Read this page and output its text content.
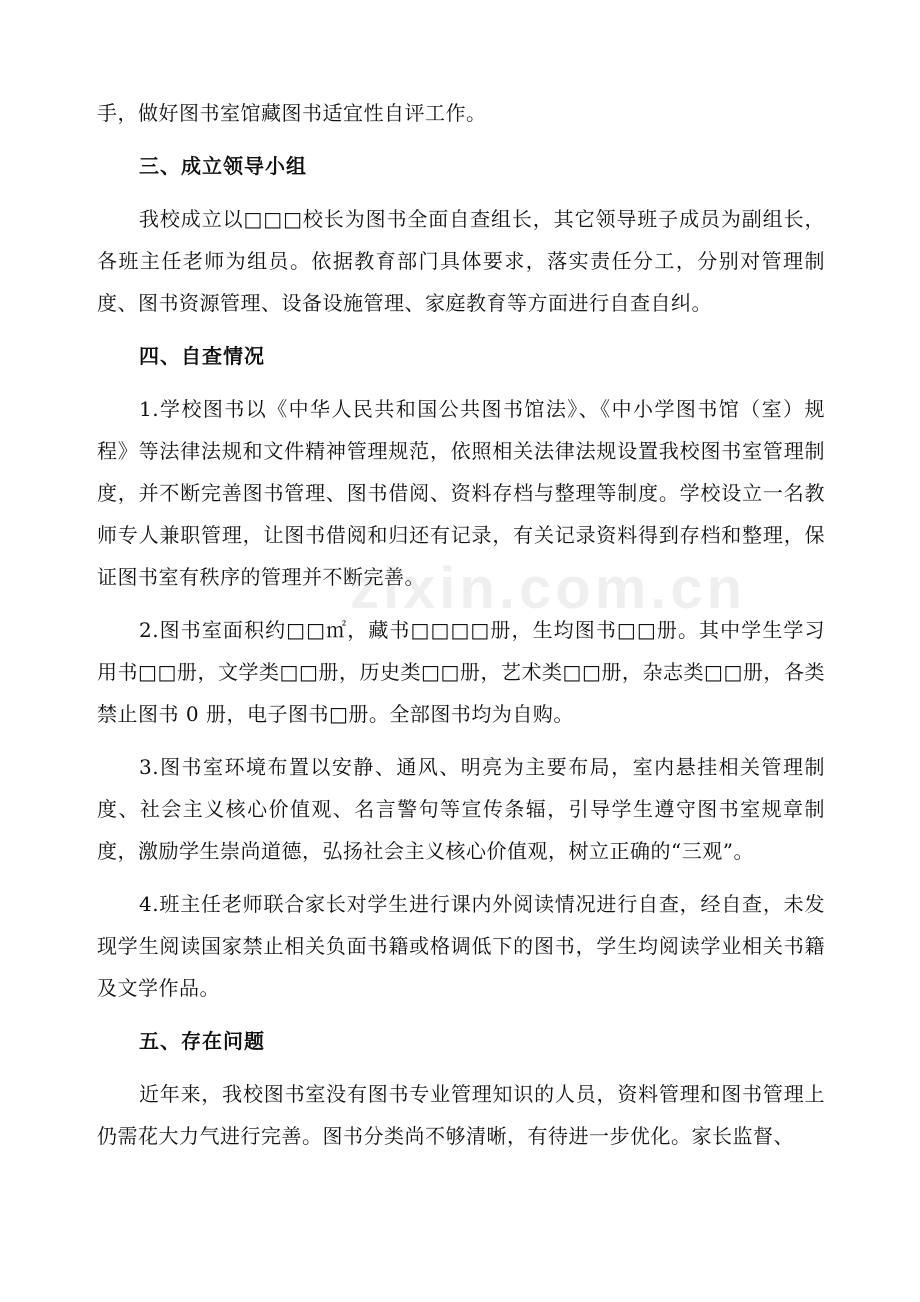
手，做好图书室馆藏图书适宜性自评工作。

三、成立领导小组

我校成立以□□□校长为图书全面自查组长，其它领导班子成员为副组长，各班主任老师为组员。依据教育部门具体要求，落实责任分工，分别对管理制度、图书资源管理、设备设施管理、家庭教育等方面进行自查自纠。

四、自查情况

1.学校图书以《中华人民共和国公共图书馆法》、《中小学图书馆（室）规程》等法律法规和文件精神管理规范，依照相关法律法规设置我校图书室管理制度，并不断完善图书管理、图书借阅、资料存档与整理等制度。学校设立一名教师专人兼职管理，让图书借阅和归还有记录，有关记录资料得到存档和整理，保证图书室有秩序的管理并不断完善。

2.图书室面积约□□㎡，藏书□□□□册，生均图书□□册。其中学生学习用书□□册，文学类□□册，历史类□□册，艺术类□□册，杂志类□□册，各类禁止图书 0 册，电子图书□册。全部图书均为自购。

3.图书室环境布置以安静、通风、明亮为主要布局，室内悬挂相关管理制度、社会主义核心价值观、名言警句等宣传条辐，引导学生遵守图书室规章制度，激励学生崇尚道德，弘扬社会主义核心价值观，树立正确的“三观”。

4.班主任老师联合家长对学生进行课内外阅读情况进行自查，经自查，未发现学生阅读国家禁止相关负面书籍或格调低下的图书，学生均阅读学业相关书籍及文学作品。

五、存在问题

近年来，我校图书室没有图书专业管理知识的人员，资料管理和图书管理上仍需花大力气进行完善。图书分类尚不够清晰，有待进一步优化。家长监督、

zixin.com.cn
